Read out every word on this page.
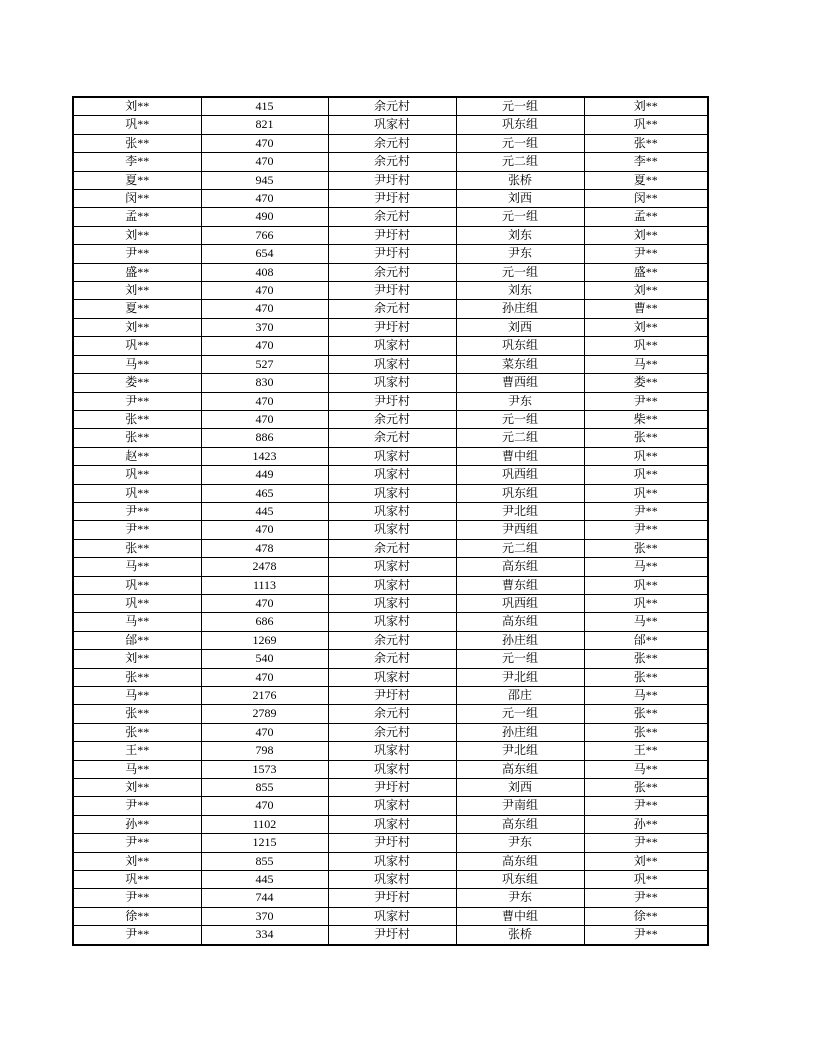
刘**	415	余元村	元一组	刘**
巩**	821	巩家村	巩东组	巩**
张**	470	余元村	元一组	张**
李**	470	余元村	元二组	李**
夏**	945	尹圩村	张桥	夏**
闵**	470	尹圩村	刘西	闵**
孟**	490	余元村	元一组	孟**
刘**	766	尹圩村	刘东	刘**
尹**	654	尹圩村	尹东	尹**
盛**	408	余元村	元一组	盛**
刘**	470	尹圩村	刘东	刘**
夏**	470	余元村	孙庄组	曹**
刘**	370	尹圩村	刘西	刘**
巩**	470	巩家村	巩东组	巩**
马**	527	巩家村	菜东组	马**
娄**	830	巩家村	曹西组	娄**
尹**	470	尹圩村	尹东	尹**
张**	470	余元村	元一组	柴**
张**	886	余元村	元二组	张**
赵**	1423	巩家村	曹中组	巩**
巩**	449	巩家村	巩西组	巩**
巩**	465	巩家村	巩东组	巩**
尹**	445	巩家村	尹北组	尹**
尹**	470	巩家村	尹西组	尹**
张**	478	余元村	元二组	张**
马**	2478	巩家村	高东组	马**
巩**	1113	巩家村	曹东组	巩**
巩**	470	巩家村	巩西组	巩**
马**	686	巩家村	高东组	马**
邰**	1269	余元村	孙庄组	邰**
刘**	540	余元村	元一组	张**
张**	470	巩家村	尹北组	张**
马**	2176	尹圩村	邵庄	马**
张**	2789	余元村	元一组	张**
张**	470	余元村	孙庄组	张**
王**	798	巩家村	尹北组	王**
马**	1573	巩家村	高东组	马**
刘**	855	尹圩村	刘西	张**
尹**	470	巩家村	尹南组	尹**
孙**	1102	巩家村	高东组	孙**
尹**	1215	尹圩村	尹东	尹**
刘**	855	巩家村	高东组	刘**
巩**	445	巩家村	巩东组	巩**
尹**	744	尹圩村	尹东	尹**
徐**	370	巩家村	曹中组	徐**
尹**	334	尹圩村	张桥	尹**
